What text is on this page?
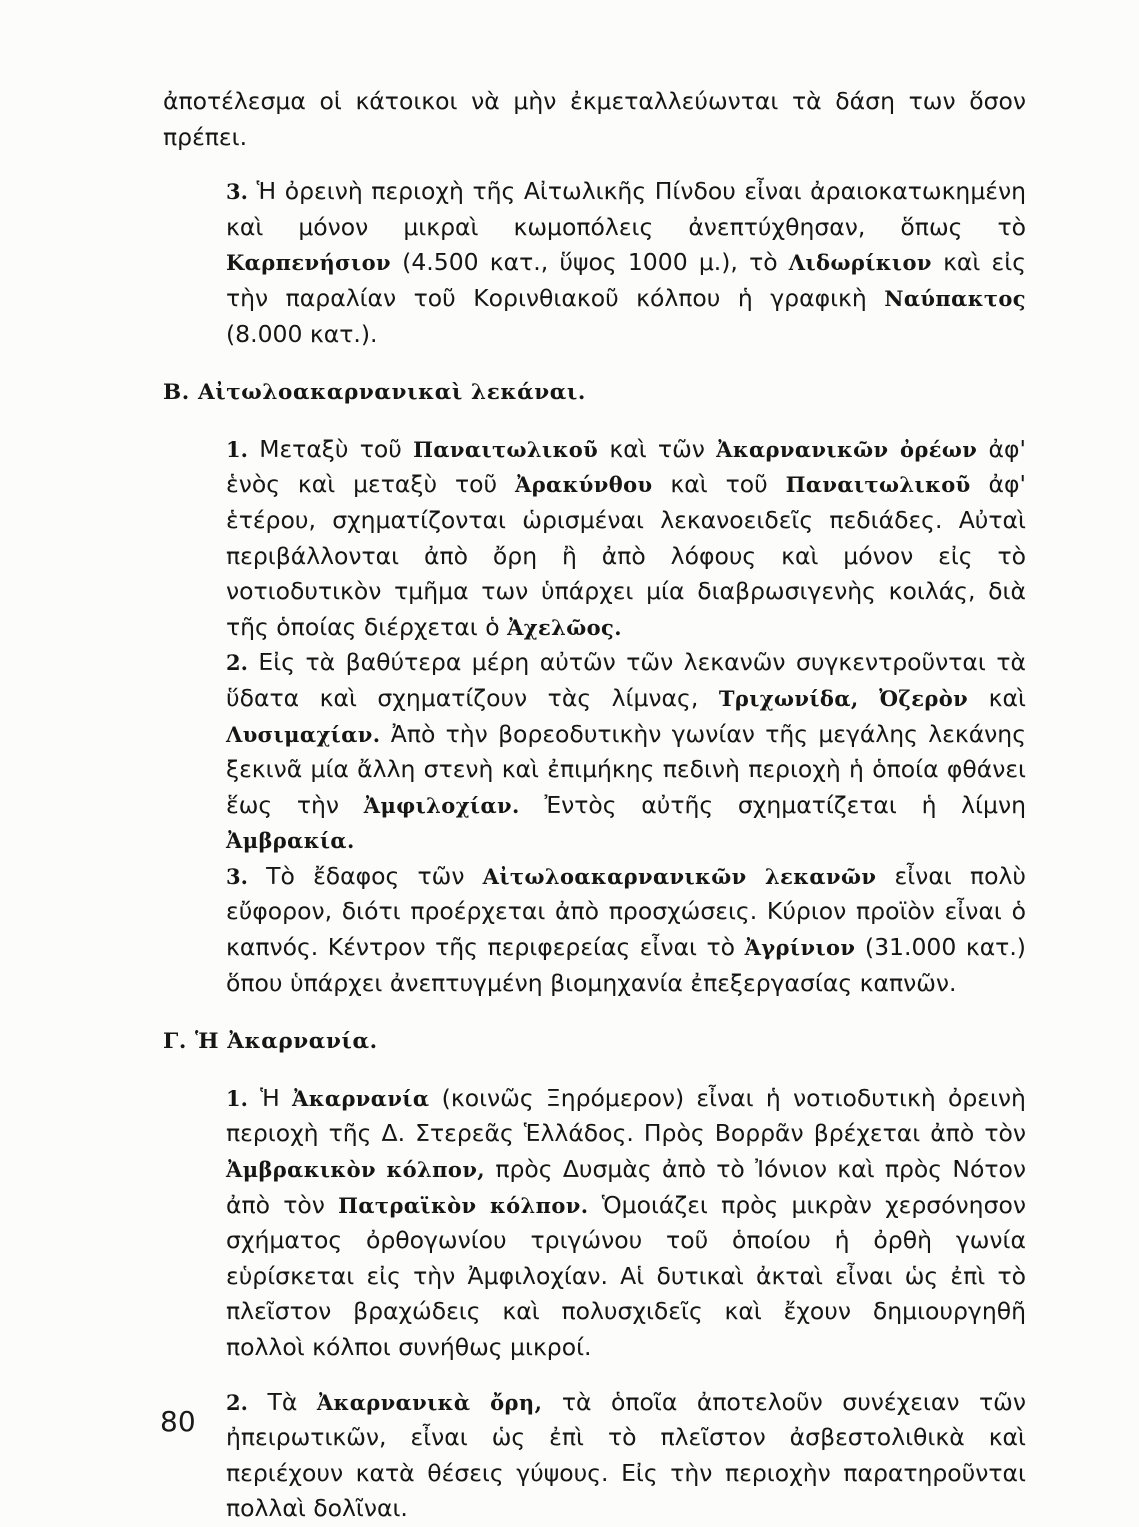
ἀποτέλεσμα οἱ κάτοικοι νὰ μὴν ἐκμεταλλεύωνται τὰ δάση των ὅσον πρέπει.

3. Ἡ ὀρεινὴ περιοχὴ τῆς Αἰτωλικῆς Πίνδου εἶναι ἀραιοκατωκημένη καὶ μόνον μικραὶ κωμοπόλεις ἀνεπτύχθησαν, ὅπως τὸ Καρπενήσιον (4.500 κατ., ὕψος 1000 μ.), τὸ Λιδωρίκιον καὶ εἰς τὴν παραλίαν τοῦ Κορινθιακοῦ κόλπου ἡ γραφικὴ Ναύπακτος (8.000 κατ.).

Β. Αἰτωλοακαρνανικαὶ λεκάναι.

1. Μεταξὺ τοῦ Παναιτωλικοῦ καὶ τῶν Ἀκαρνανικῶν ὀρέων ἀφ' ἑνὸς καὶ μεταξὺ τοῦ Ἀρακύνθου καὶ τοῦ Παναιτωλικοῦ ἀφ' ἑτέρου, σχηματίζονται ὡρισμέναι λεκανοειδεῖς πεδιάδες. Αὐταὶ περιβάλλονται ἀπὸ ὄρη ἢ ἀπὸ λόφους καὶ μόνον εἰς τὸ νοτιοδυτικὸν τμῆμα των ὑπάρχει μία διαβρωσιγενὴς κοιλάς, διὰ τῆς ὁποίας διέρχεται ὁ Ἀχελῶος.

2. Εἰς τὰ βαθύτερα μέρη αὐτῶν τῶν λεκανῶν συγκεντροῦνται τὰ ὕδατα καὶ σχηματίζουν τὰς λίμνας, Τριχωνίδα, Ὀζερὸν καὶ Λυσιμαχίαν. Ἀπὸ τὴν βορεοδυτικὴν γωνίαν τῆς μεγάλης λεκάνης ξεκινᾶ μία ἄλλη στενὴ καὶ ἐπιμήκης πεδινὴ περιοχὴ ἡ ὁποία φθάνει ἕως τὴν Ἀμφιλοχίαν. Ἐντὸς αὐτῆς σχηματίζεται ἡ λίμνη Ἀμβρακία.

3. Τὸ ἔδαφος τῶν Αἰτωλοακαρνανικῶν λεκανῶν εἶναι πολὺ εὔφορον, διότι προέρχεται ἀπὸ προσχώσεις. Κύριον προϊὸν εἶναι ὁ καπνός. Κέντρον τῆς περιφερείας εἶναι τὸ Ἀγρίνιον (31.000 κατ.) ὅπου ὑπάρχει ἀνεπτυγμένη βιομηχανία ἐπεξεργασίας καπνῶν.

Γ. Ἡ Ἀκαρνανία.

1. Ἡ Ἀκαρνανία (κοινῶς Ξηρόμερον) εἶναι ἡ νοτιοδυτικὴ ὀρεινὴ περιοχὴ τῆς Δ. Στερεᾶς Ἑλλάδος. Πρὸς Βορρᾶν βρέχεται ἀπὸ τὸν Ἀμβρακικὸν κόλπον, πρὸς Δυσμὰς ἀπὸ τὸ Ἰόνιον καὶ πρὸς Νότον ἀπὸ τὸν Πατραϊκὸν κόλπον. Ὁμοιάζει πρὸς μικρὰν χερσόνησον σχήματος ὀρθογωνίου τριγώνου τοῦ ὁποίου ἡ ὀρθὴ γωνία εὑρίσκεται εἰς τὴν Ἀμφιλοχίαν. Αἱ δυτικαὶ ἀκταὶ εἶναι ὡς ἐπὶ τὸ πλεῖστον βραχώδεις καὶ πολυσχιδεῖς καὶ ἔχουν δημιουργηθῆ πολλοὶ κόλποι συνήθως μικροί.

2. Τὰ Ἀκαρνανικὰ ὄρη, τὰ ὁποῖα ἀποτελοῦν συνέχειαν τῶν ἠπειρωτικῶν, εἶναι ὡς ἐπὶ τὸ πλεῖστον ἀσβεστολιθικὰ καὶ περιέχουν κατὰ θέσεις γύψους. Εἰς τὴν περιοχὴν παρατηροῦνται πολλαὶ δολῖναι.

80
